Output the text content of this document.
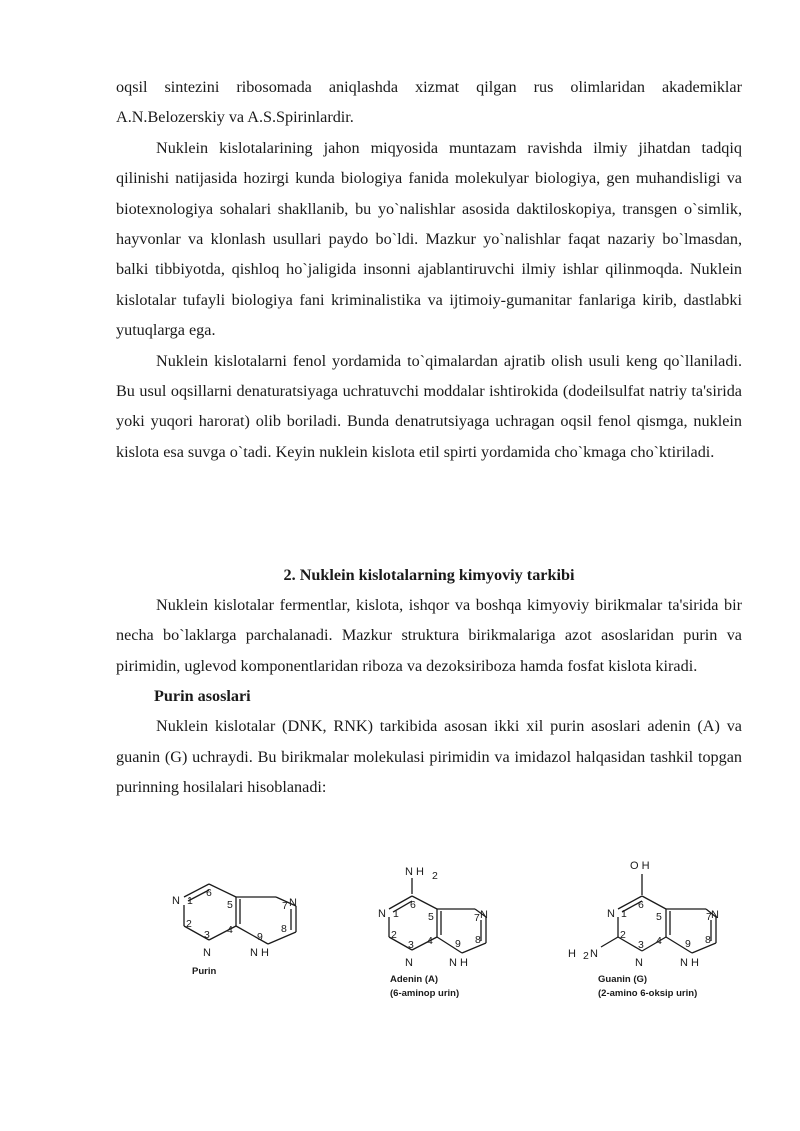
oqsil sintezini ribosomada aniqlashda xizmat qilgan rus olimlaridan akademiklar A.N.Belozerskiy va A.S.Spirinlardir.

Nuklein kislotalarining jahon miqyosida muntazam ravishda ilmiy jihatdan tadqiq qilinishi natijasida hozirgi kunda biologiya fanida molekulyar biologiya, gen muhandisligi va biotexnologiya sohalari shakllanib, bu yo`nalishlar asosida daktiloskopiya, transgen o`simlik, hayvonlar va klonlash usullari paydo bo`ldi. Mazkur yo`nalishlar faqat nazariy bo`lmasdan, balki tibbiyotda, qishloq ho`jaligida insonni ajablantiruvchi ilmiy ishlar qilinmoqda. Nuklein kislotalar tufayli biologiya fani kriminalistika va ijtimoiy-gumanitar fanlariga kirib, dastlabki yutuqlarga ega.

Nuklein kislotalarni fenol yordamida to`qimalardan ajratib olish usuli keng qo`llaniladi. Bu usul oqsillarni denaturatsiyaga uchratuvchi moddalar ishtirokida (dodeilsulfat natriy ta'sirida yoki yuqori harorat) olib boriladi. Bunda denatrutsiyaga uchragan oqsil fenol qismga, nuklein kislota esa suvga o`tadi. Keyin nuklein kislota etil spirti yordamida cho`kmaga cho`ktiriladi.

2. Nuklein kislotalarning kimyoviy tarkibi

Nuklein kislotalar fermentlar, kislota, ishqor va boshqa kimyoviy birikmalar ta'sirida bir necha bo`laklarga parchalanadi. Mazkur struktura birikmalariga azot asoslaridan purin va pirimidin, uglevod komponentlaridan riboza va dezoksiriboza hamda fosfat kislota kiradi.

Purin asoslari

Nuklein kislotalar (DNK, RNK) tarkibida asosan ikki xil purin asoslari adenin (A) va guanin (G) uchraydi. Bu birikmalar molekulasi pirimidin va imidazol halqasidan tashkil topgan purinning hosilalari hisoblanadi:

N
N
N
N H
1
2
3 4
5
6
7
8
9
Purin
N H 2
N
N
N
N H
1
2
3 4
5
6
7
8
9
Adenin (A)
(6-aminop urin)
O H
H 2 N
N
N
N
N H
1
2
3 4
5
6
7
8
9
Guanin (G)
(2-amino 6-oksip urin)
